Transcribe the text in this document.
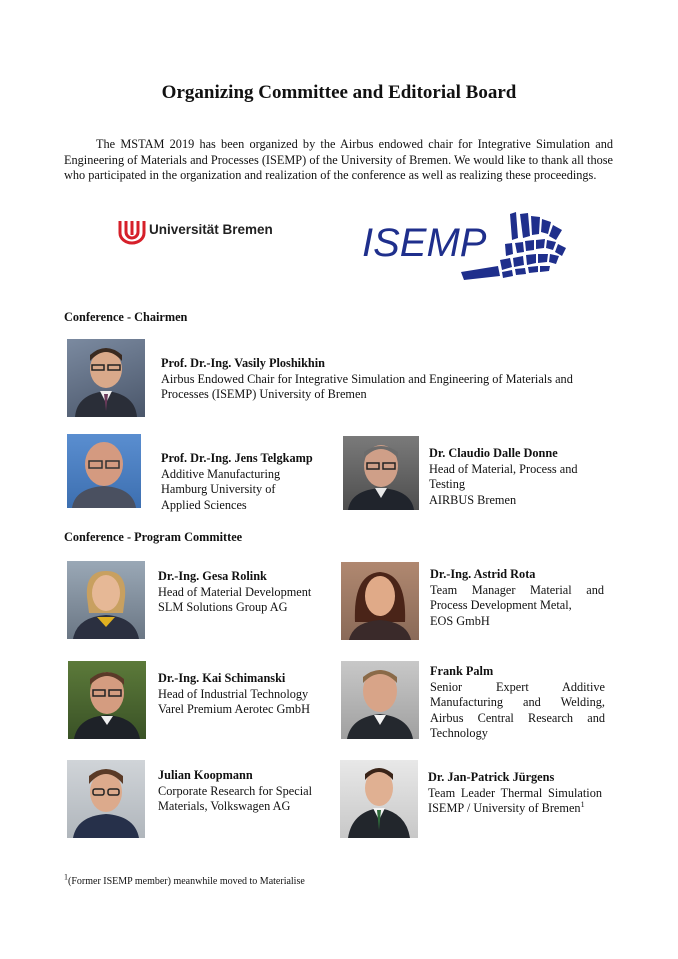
Organizing Committee and Editorial Board
The MSTAM 2019 has been organized by the Airbus endowed chair for Integrative Simulation and Engineering of Materials and Processes (ISEMP) of the University of Bremen. We would like to thank all those who participated in the organization and realization of the conference as well as realizing these proceedings.
Universität Bremen ISEMP
Conference - Chairmen
Prof. Dr.-Ing. Vasily Ploshikhin
Airbus Endowed Chair for Integrative Simulation and Engineering of Materials and Processes (ISEMP) University of Bremen
Prof. Dr.-Ing. Jens Telgkamp
Additive Manufacturing
Hamburg University of
Applied Sciences
Dr. Claudio Dalle Donne
Head of Material, Process and
Testing
AIRBUS Bremen
Conference - Program Committee
Dr.-Ing. Gesa Rolink
Head of Material Development
SLM Solutions Group AG
Dr.-Ing. Astrid Rota
Team Manager Material and Process Development Metal,
EOS GmbH
Dr.-Ing. Kai Schimanski
Head of Industrial Technology
Varel Premium Aerotec GmbH
Frank Palm
Senior Expert Additive Manufacturing and Welding, Airbus Central Research and Technology
Julian Koopmann
Corporate Research for Special Materials, Volkswagen AG
Dr. Jan-Patrick Jürgens
Team Leader Thermal Simulation ISEMP / University of Bremen$^1$
$^1$(Former ISEMP member) meanwhile moved to Materialise
